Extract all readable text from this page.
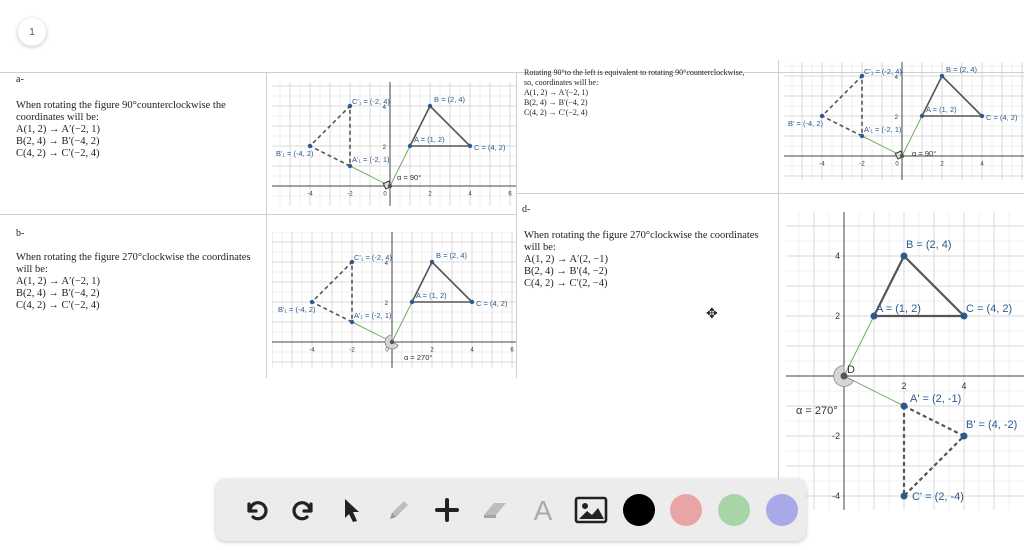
1
a-
When rotating the figure 90°counterclockwise the
coordinates will be:
A(1, 2) → A′(−2, 1)
B(2, 4) → B′(−4, 2)
C(4, 2) → C′(−2, 4)
b-
When rotating the figure 270°clockwise the coordinates
will be:
A(1, 2) → A′(−2, 1)
B(2, 4) → B′(−4, 2)
C(4, 2) → C′(−2, 4)
Rotating 90°to the left is equivalent to rotating 90°counterclockwise,
so, coordinates will be:
A(1, 2) → A′(−2, 1)
B(2, 4) → B′(−4, 2)
C(4, 2) → C′(−2, 4)
d-
When rotating the figure 270°clockwise the coordinates
will be:
A(1, 2) → A′(2, −1)
B(2, 4) → B′(4, −2)
C(4, 2) → C′(2, −4)
-4	-2	0	2	4	6
4
2
A = (1, 2)
B = (2, 4)
C = (4, 2)
A'₁ = (-2, 1)
B'₁ = (-4, 2)
C'₁ = (-2, 4)
α = 90°
-4	-2	0	2	4	6
4
2
A = (1, 2)
B = (2, 4)
C = (4, 2)
A'₁ = (-2, 1)
B'₁ = (-4, 2)
C'₁ = (-2, 4)
α = 270°
-4	-2	0	2	4
4
2
A = (1, 2)
B = (2, 4)
C = (4, 2)
A'₁ = (-2, 1)
B' = (-4, 2)
C'₁ = (-2, 4)
α = 90°
2	4
4
2
-2
-4
A = (1, 2)
B = (2, 4)
C = (4, 2)
A' = (2, -1)
B' = (4, -2)
C' = (2, -4)
α = 270°
D
✥
A
